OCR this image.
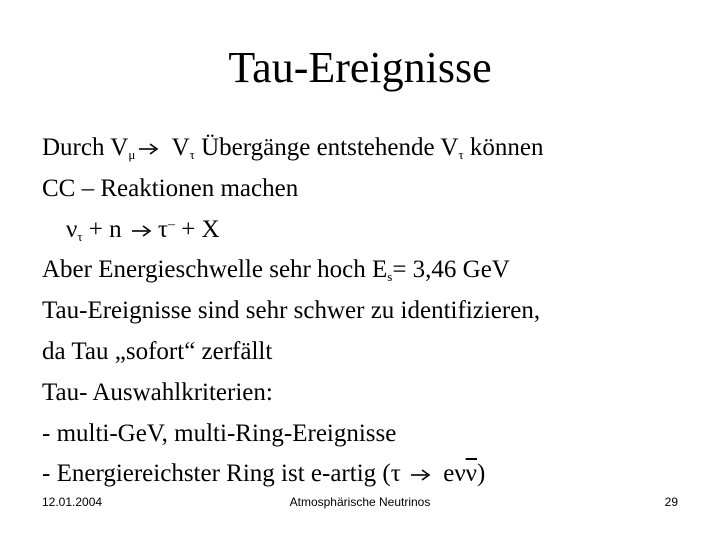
Tau-Ereignisse
Durch $V_\mu$ $V_\tau$ Übergänge entstehende $V_\tau$ können
CC – Reaktionen machen
$\nu_\tau + n$ τ– + X
Aber Energieschwelle sehr hoch $E_s= 3,46$ GeV
Tau-Ereignisse sind sehr schwer zu identifizieren,
da Tau „sofort“ zerfällt
Tau- Auswahlkriterien:
- multi-GeV, multi-Ring-Ereignisse
- Energiereichster Ring ist e-artig (τ  $e\nu\overline{\nu}$)
12.01.2004	Atmosphärische Neutrinos	29
